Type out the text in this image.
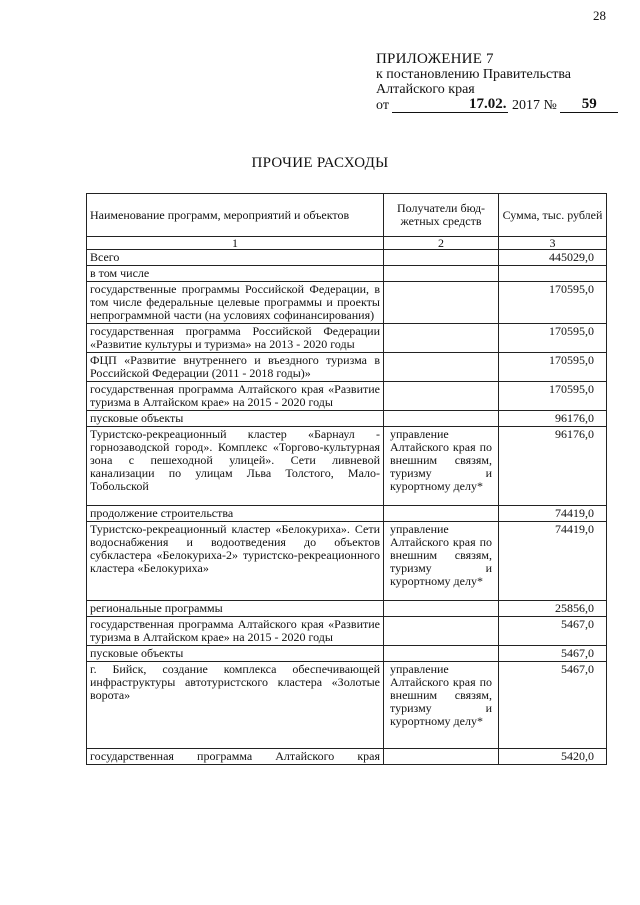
28
ПРИЛОЖЕНИЕ 7
к постановлению Правительства
Алтайского края
от	17.02. 2017 № 59
ПРОЧИЕ РАСХОДЫ
Наименование программ, мероприятий и объектов	Получатели бюд-жетных средств	Сумма, тыс. рублей
1	2	3
Всего		445029,0
в том числе		
государственные программы Российской Федерации, в том числе федеральные целевые программы и проекты непрограммной части (на условиях софинансирования)		170595,0
государственная программа Российской Федерации «Развитие культуры и туризма» на 2013 - 2020 годы		170595,0
ФЦП «Развитие внутреннего и въездного туризма в Российской Федерации (2011 - 2018 годы)»		170595,0
государственная программа Алтайского края «Развитие туризма в Алтайском крае» на 2015 - 2020 годы		170595,0
пусковые объекты		96176,0
Туристско-рекреационный кластер «Барнаул - горнозаводской город». Комплекс «Торгово-культурная зона с пешеходной улицей». Сети ливневой канализации по улицам Льва Толстого, Мало-Тобольской	управление Алтайского края по внешним связям, туризму и курортному делу*	96176,0
продолжение строительства		74419,0
Туристско-рекреационный кластер «Белокуриха». Сети водоснабжения и водоотведения до объектов субкластера «Белокуриха-2» туристско-рекреационного кластера «Белокуриха»	управление Алтайского края по внешним связям, туризму и курортному делу*	74419,0
региональные программы		25856,0
государственная программа Алтайского края «Развитие туризма в Алтайском крае» на 2015 - 2020 годы		5467,0
пусковые объекты		5467,0
г. Бийск, создание комплекса обеспечивающей инфраструктуры автотуристского кластера «Золотые ворота»	управление Алтайского края по внешним связям, туризму и курортному делу*	5467,0
государственная программа Алтайского края		5420,0
